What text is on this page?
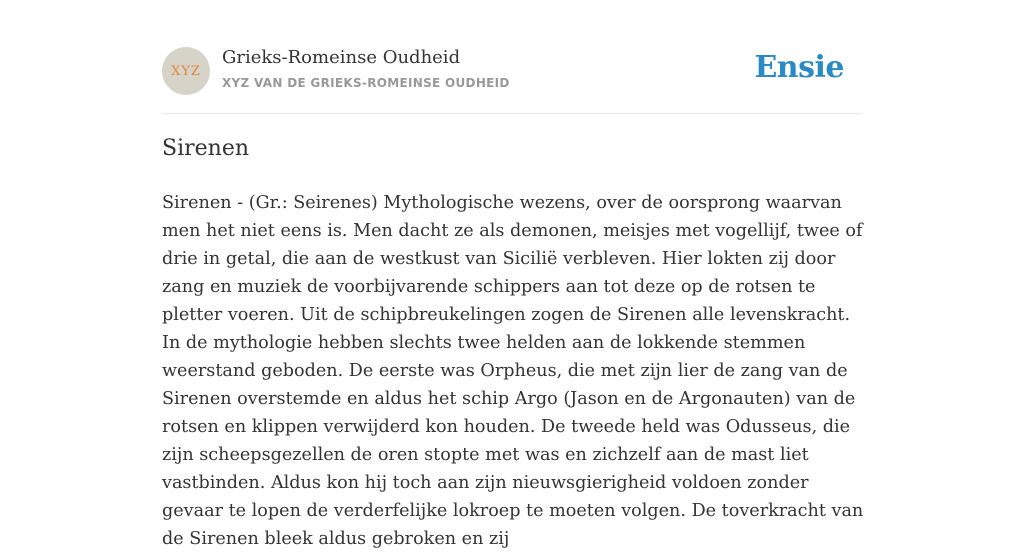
XYZ
Grieks-Romeinse Oudheid
XYZ VAN DE GRIEKS-ROMEINSE OUDHEID	Ensie
Sirenen

Sirenen - (Gr.: Seirenes) Mythologische wezens, over de oorsprong waarvan men het niet eens is. Men dacht ze als demonen, meisjes met vogellijf, twee of drie in getal, die aan de westkust van Sicilië verbleven. Hier lokten zij door zang en muziek de voorbijvarende schippers aan tot deze op de rotsen te pletter voeren. Uit de schipbreukelingen zogen de Sirenen alle levenskracht. In de mythologie hebben slechts twee helden aan de lokkende stemmen weerstand geboden. De eerste was Orpheus, die met zijn lier de zang van de Sirenen overstemde en aldus het schip Argo (Jason en de Argonauten) van de rotsen en klippen verwijderd kon houden. De tweede held was Odusseus, die zijn scheepsgezellen de oren stopte met was en zichzelf aan de mast liet vastbinden. Aldus kon hij toch aan zijn nieuwsgierigheid voldoen zonder gevaar te lopen de verderfelijke lokroep te moeten volgen. De toverkracht van de Sirenen bleek aldus gebroken en zij
